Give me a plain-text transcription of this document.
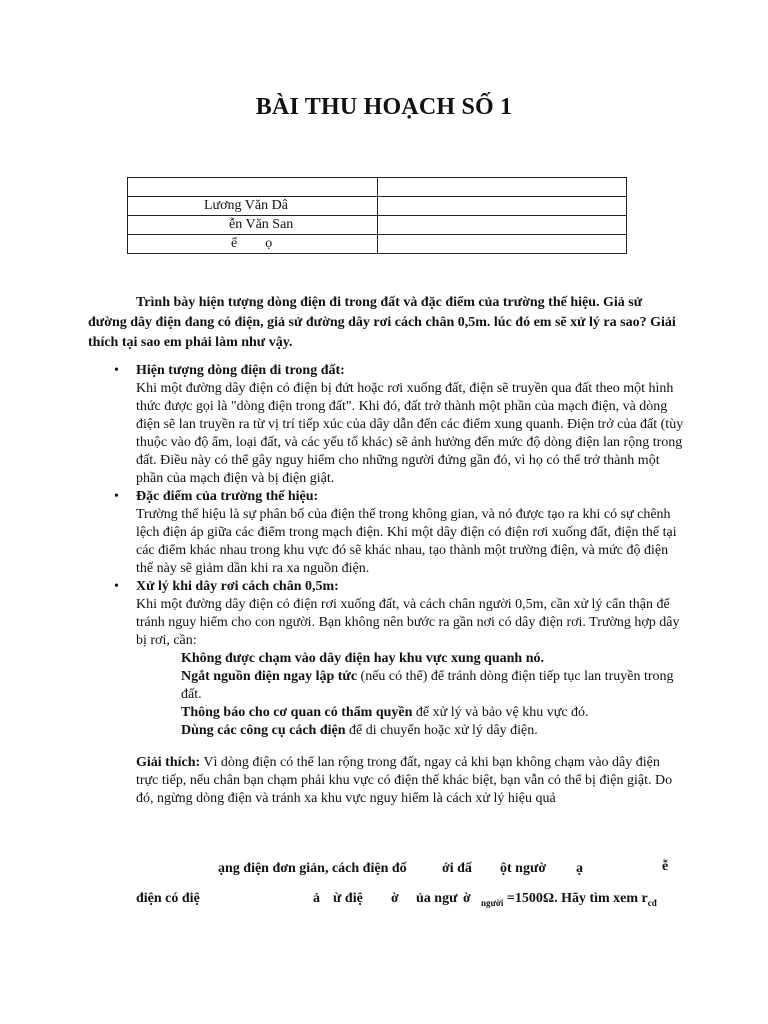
BÀI THU HOẠCH SỐ 1

Lương Văn Dâ	
ễn Văn San	
ể        ọ	
Trình bày hiện tượng dòng điện đi trong đất và đặc điểm của trường thế hiệu. Giả sử đường dây điện đang có điện, giả sử đường dây rơi cách chân 0,5m. lúc đó em sẽ xử lý ra sao? Giải thích tại sao em phải làm như vậy.
• Hiện tượng dòng điện đi trong đất:
Khi một đường dây điện có điện bị đứt hoặc rơi xuống đất, điện sẽ truyền qua đất theo một hình thức được gọi là "dòng điện trong đất". Khi đó, đất trở thành một phần của mạch điện, và dòng điện sẽ lan truyền ra từ vị trí tiếp xúc của dây dẫn đến các điểm xung quanh. Điện trở của đất (tùy thuộc vào độ ẩm, loại đất, và các yếu tố khác) sẽ ảnh hưởng đến mức độ dòng điện lan rộng trong đất. Điều này có thể gây nguy hiểm cho những người đứng gần đó, vì họ có thể trở thành một phần của mạch điện và bị điện giật.
• Đặc điểm của trường thế hiệu:
Trường thế hiệu là sự phân bố của điện thế trong không gian, và nó được tạo ra khi có sự chênh lệch điện áp giữa các điểm trong mạch điện. Khi một dây điện có điện rơi xuống đất, điện thế tại các điểm khác nhau trong khu vực đó sẽ khác nhau, tạo thành một trường điện, và mức độ điện thế này sẽ giảm dần khi ra xa nguồn điện.
• Xử lý khi dây rơi cách chân 0,5m:
Khi một đường dây điện có điện rơi xuống đất, và cách chân người 0,5m, cần xử lý cẩn thận để tránh nguy hiểm cho con người. Bạn không nên bước ra gần nơi có dây điện rơi. Trường hợp dây bị rơi, cần:
Không được chạm vào dây điện hay khu vực xung quanh nó.
Ngắt nguồn điện ngay lập tức (nếu có thể) để tránh dòng điện tiếp tục lan truyền trong đất.
Thông báo cho cơ quan có thẩm quyền để xử lý và bảo vệ khu vực đó.
Dùng các công cụ cách điện để di chuyển hoặc xử lý dây điện.
Giải thích: Vì dòng điện có thể lan rộng trong đất, ngay cả khi bạn không chạm vào dây điện trực tiếp, nếu chân bạn chạm phải khu vực có điện thế khác biệt, bạn vẫn có thể bị điện giật. Do đó, ngừng dòng điện và tránh xa khu vực nguy hiểm là cách xử lý hiệu quả
ạng điện đơn giản, cách điện đố	ới đấ ột ngườ ạ	ễ
điện có điệ	ả ừ điệ ờ ủa ngư ờ $_{người}$ =1500Ω. Hãy tìm xem $r_{cđ}$
